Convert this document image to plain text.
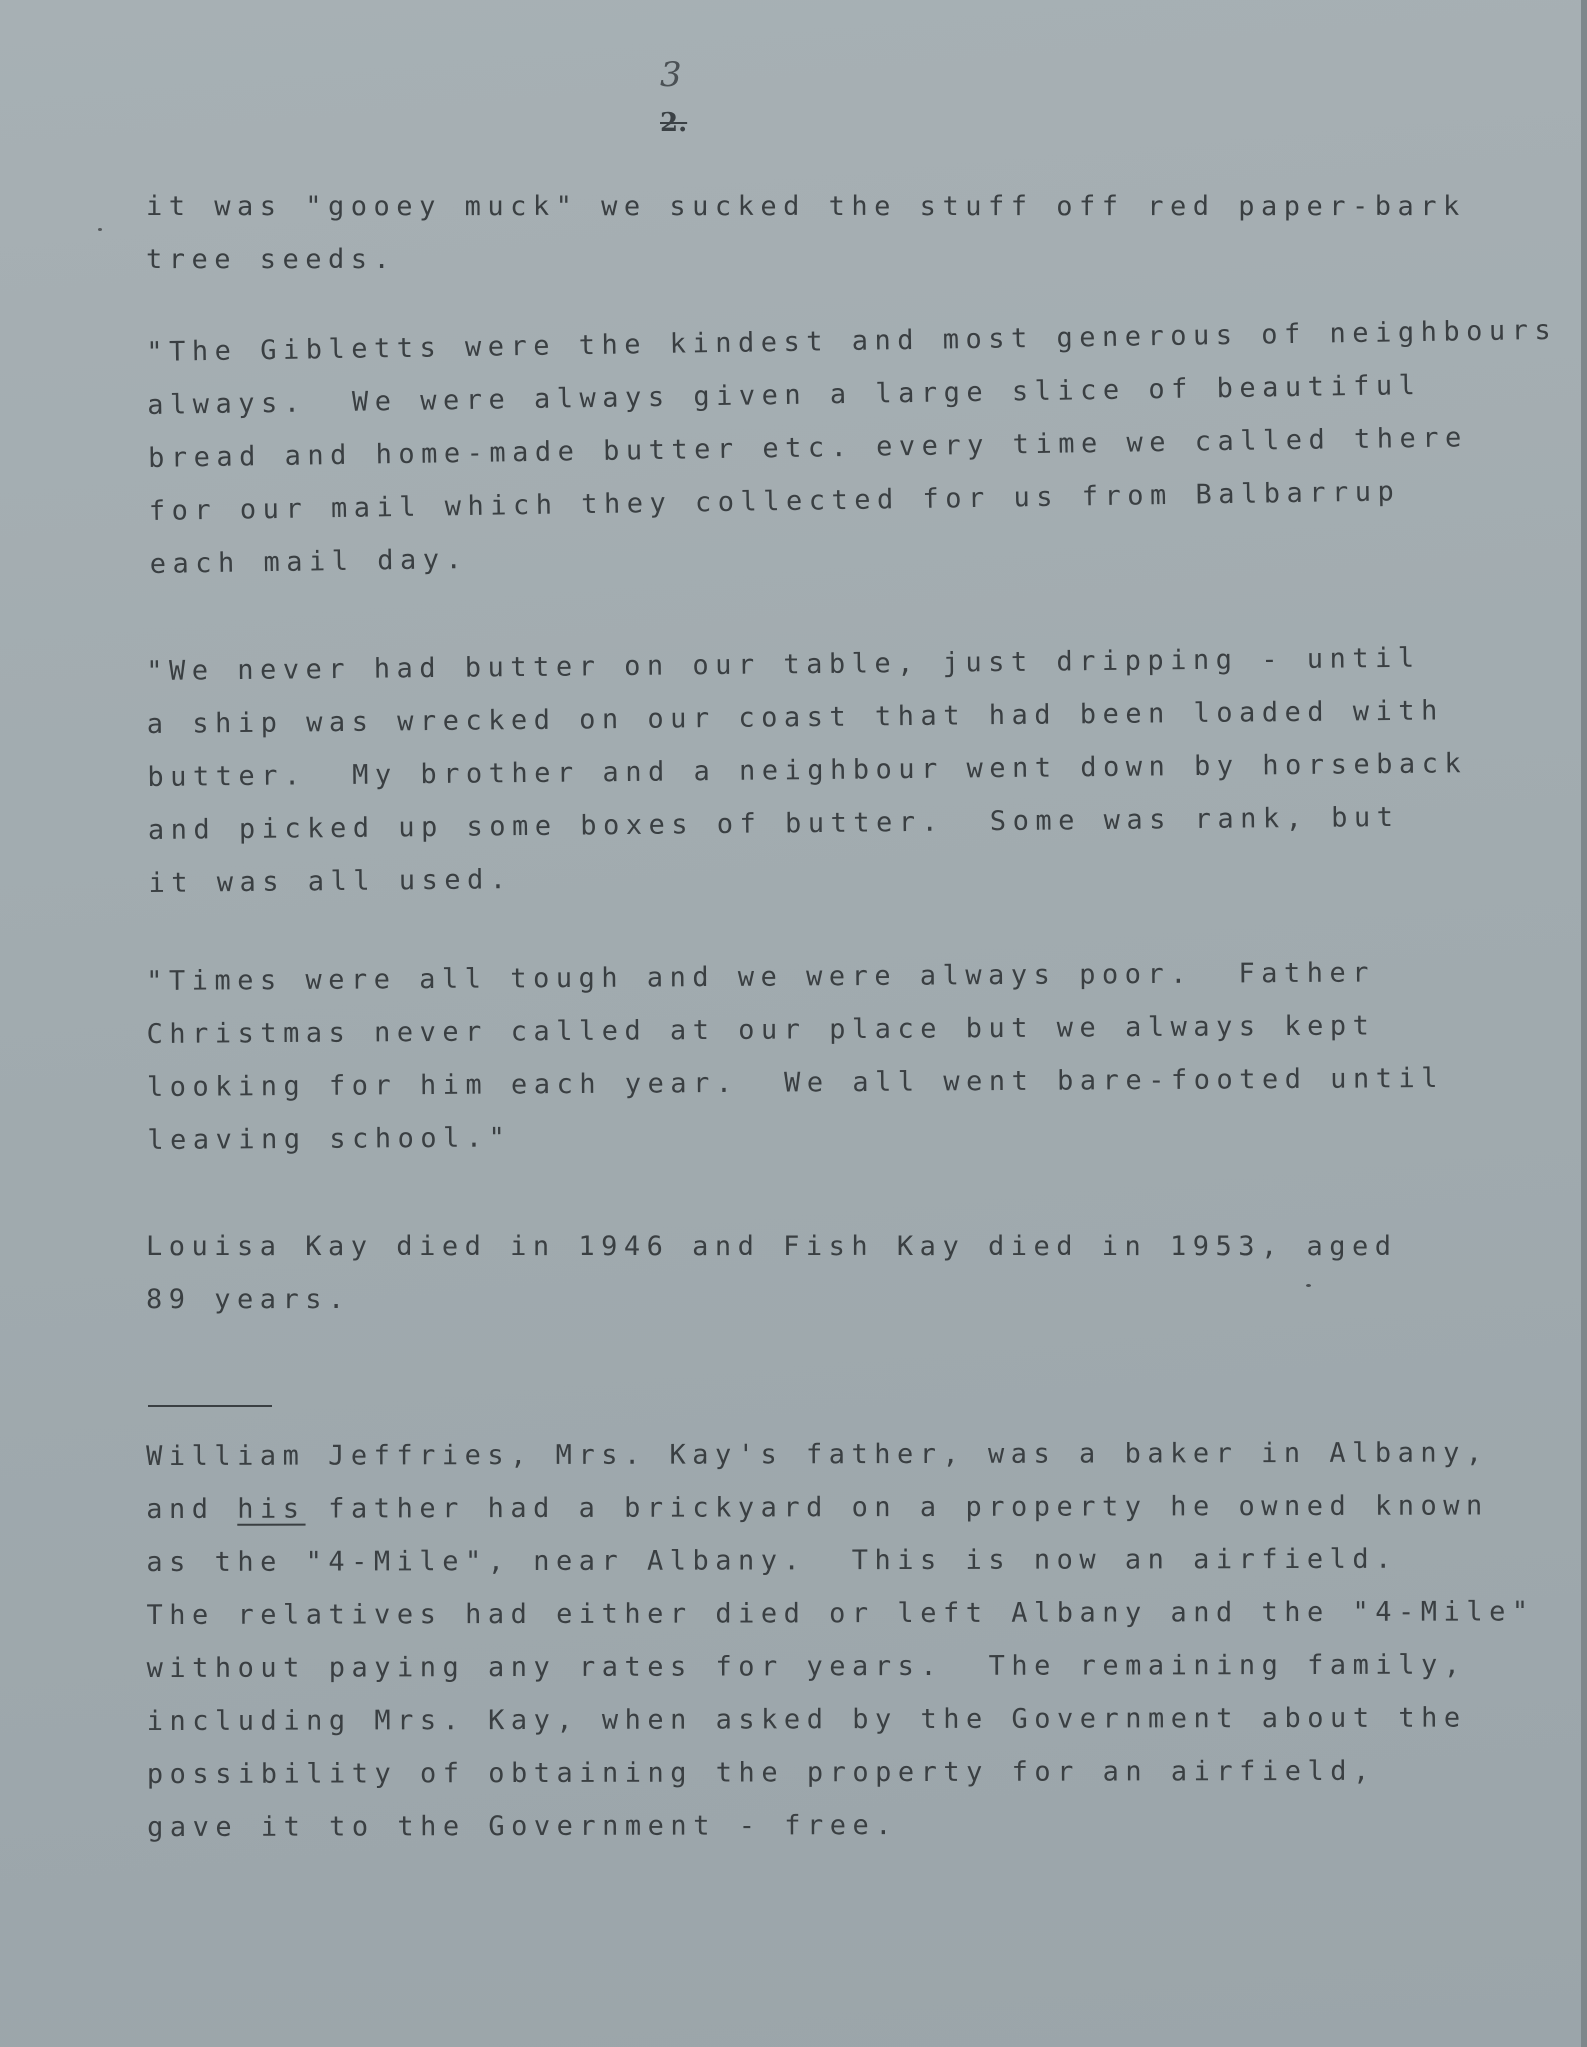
3
2.
it was "gooey muck" we sucked the stuff off red paper-bark
tree seeds.
"The Gibletts were the kindest and most generous of neighbours
always.  We were always given a large slice of beautiful
bread and home-made butter etc. every time we called there
for our mail which they collected for us from Balbarrup
each mail day.
"We never had butter on our table, just dripping - until
a ship was wrecked on our coast that had been loaded with
butter.  My brother and a neighbour went down by horseback
and picked up some boxes of butter.  Some was rank, but
it was all used.
"Times were all tough and we were always poor.  Father
Christmas never called at our place but we always kept
looking for him each year.  We all went bare-footed until
leaving school."
Louisa Kay died in 1946 and Fish Kay died in 1953, aged
89 years.
William Jeffries, Mrs. Kay's father, was a baker in Albany,
and his father had a brickyard on a property he owned known
as the "4-Mile", near Albany.  This is now an airfield.
The relatives had either died or left Albany and the "4-Mile"
without paying any rates for years.  The remaining family,
including Mrs. Kay, when asked by the Government about the
possibility of obtaining the property for an airfield,
gave it to the Government - free.
